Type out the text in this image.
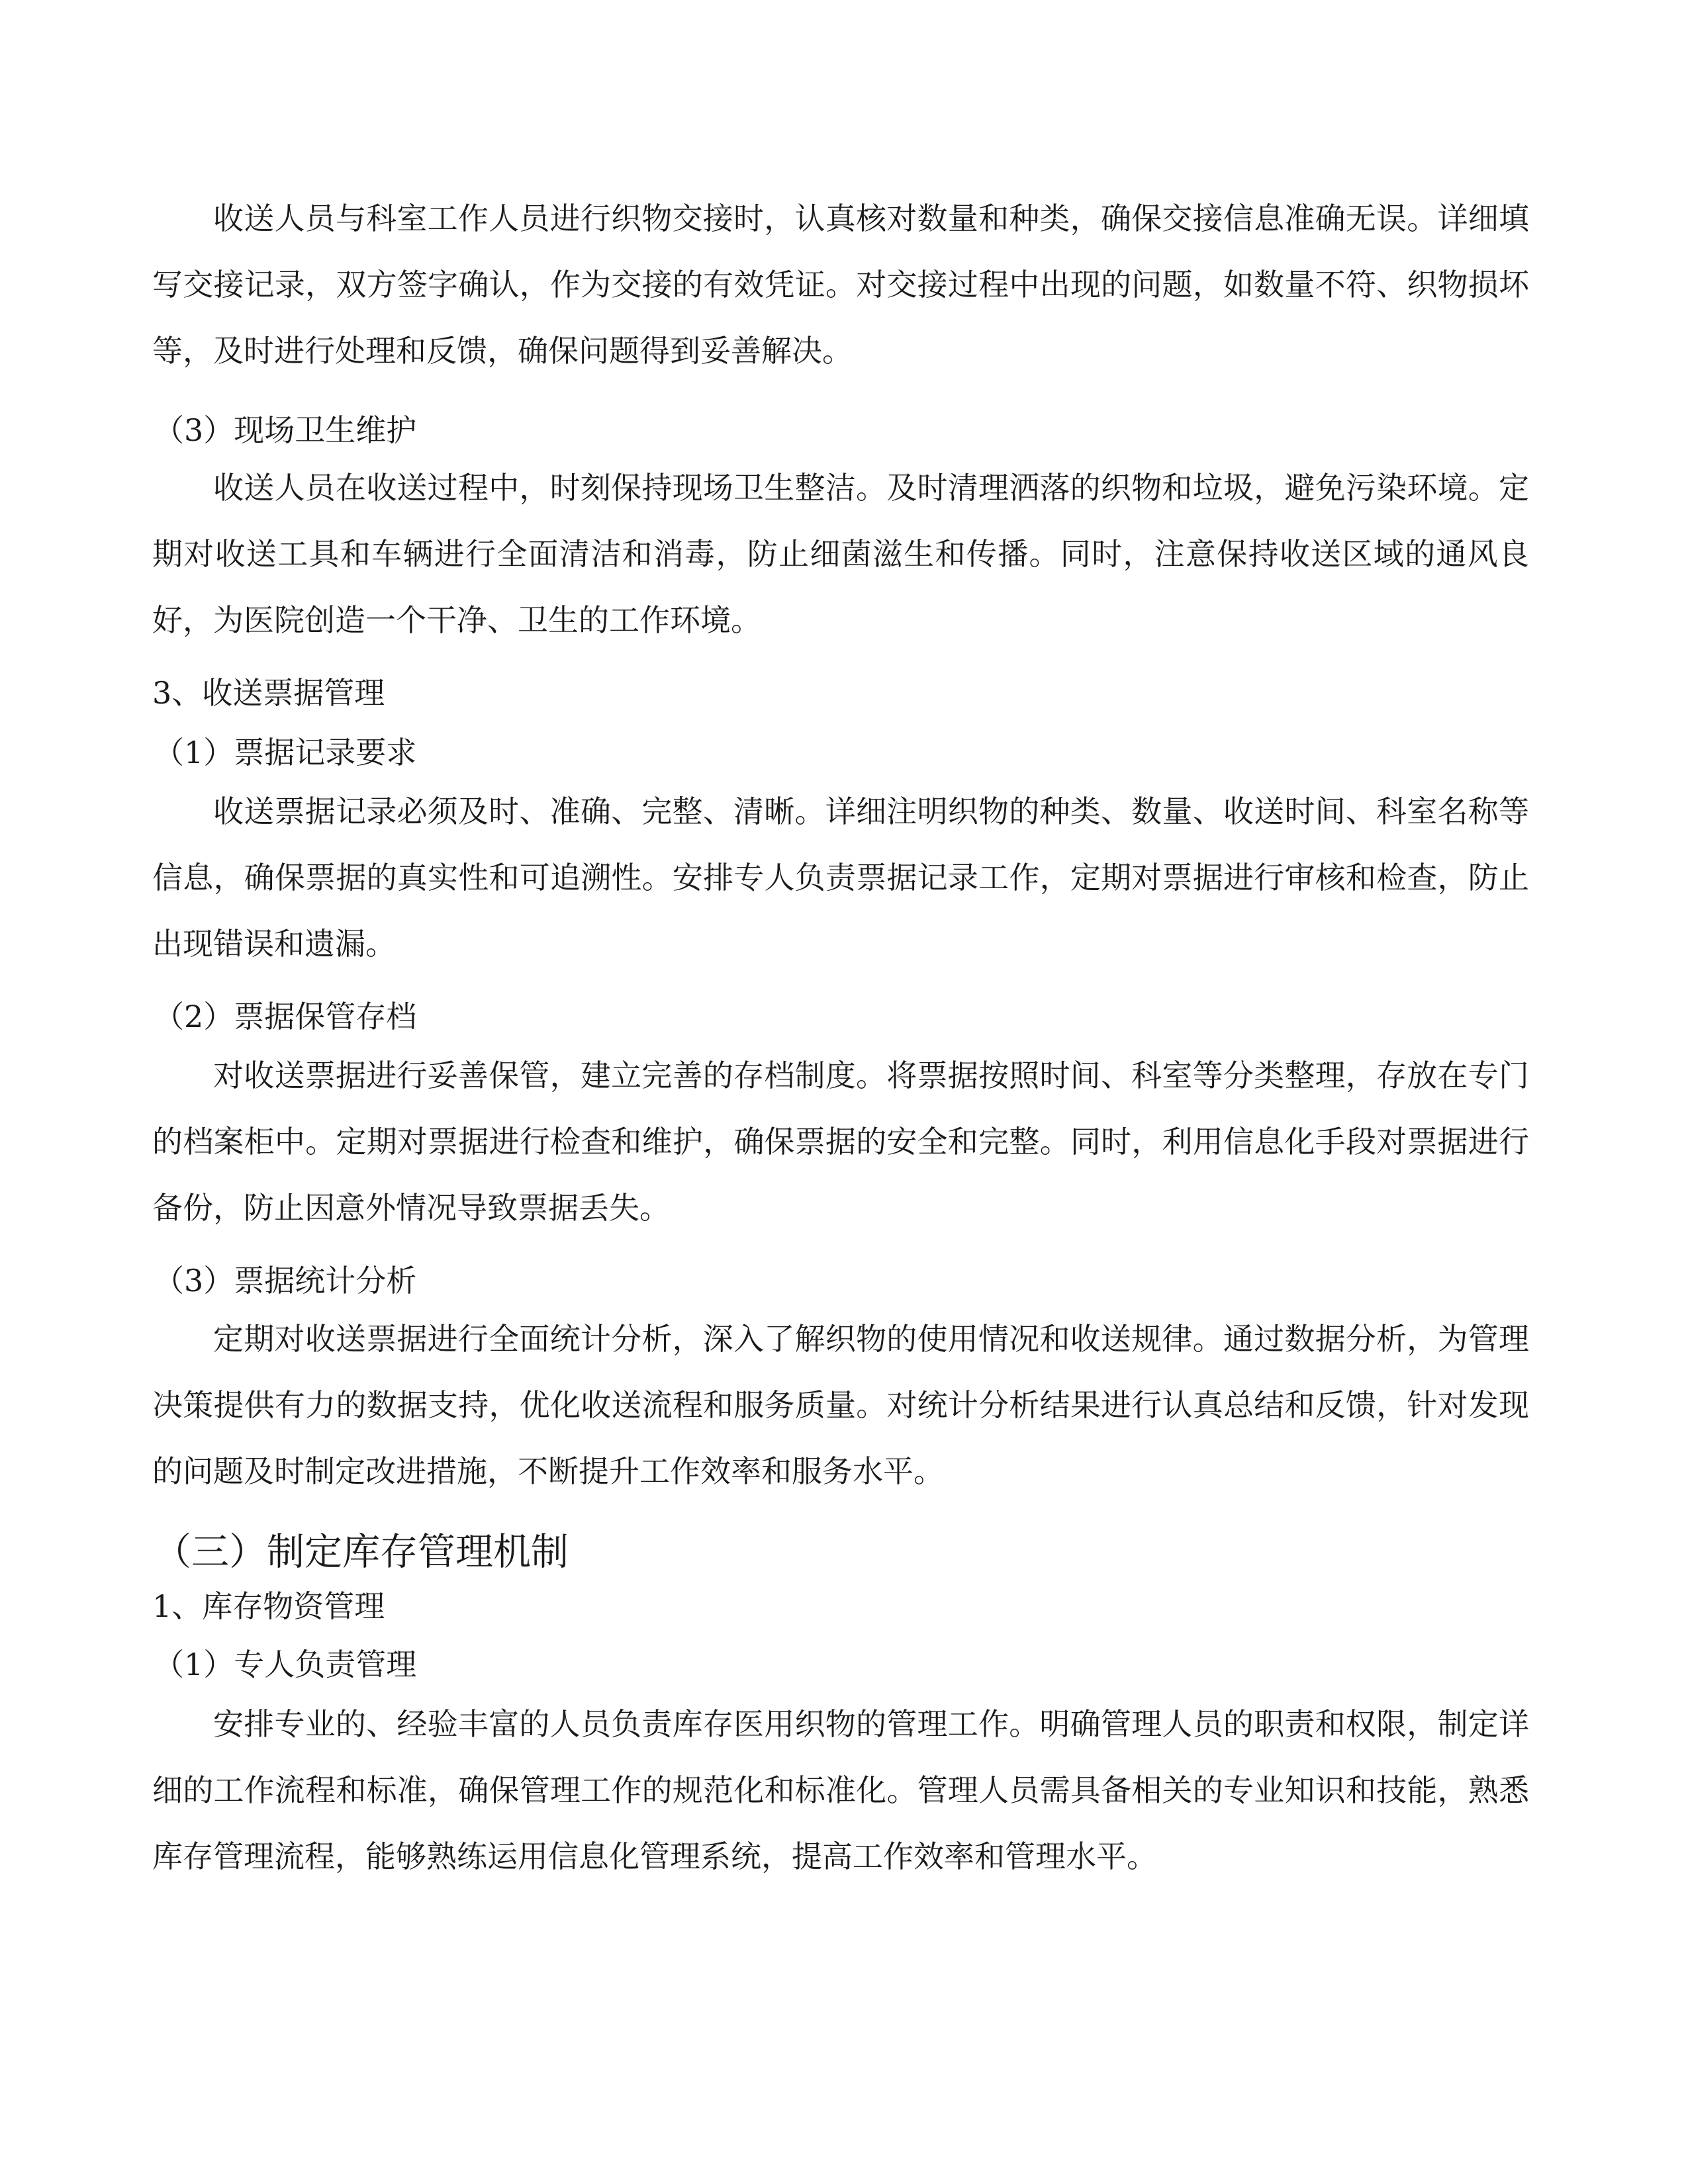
收送人员与科室工作人员进行织物交接时，认真核对数量和种类，确保交接信息准确无误。详细填写交接记录，双方签字确认，作为交接的有效凭证。对交接过程中出现的问题，如数量不符、织物损坏等，及时进行处理和反馈，确保问题得到妥善解决。

（3）现场卫生维护

收送人员在收送过程中，时刻保持现场卫生整洁。及时清理洒落的织物和垃圾，避免污染环境。定期对收送工具和车辆进行全面清洁和消毒，防止细菌滋生和传播。同时，注意保持收送区域的通风良好，为医院创造一个干净、卫生的工作环境。

3、收送票据管理

（1）票据记录要求

收送票据记录必须及时、准确、完整、清晰。详细注明织物的种类、数量、收送时间、科室名称等信息，确保票据的真实性和可追溯性。安排专人负责票据记录工作，定期对票据进行审核和检查，防止出现错误和遗漏。

（2）票据保管存档

对收送票据进行妥善保管，建立完善的存档制度。将票据按照时间、科室等分类整理，存放在专门的档案柜中。定期对票据进行检查和维护，确保票据的安全和完整。同时，利用信息化手段对票据进行备份，防止因意外情况导致票据丢失。

（3）票据统计分析

定期对收送票据进行全面统计分析，深入了解织物的使用情况和收送规律。通过数据分析，为管理决策提供有力的数据支持，优化收送流程和服务质量。对统计分析结果进行认真总结和反馈，针对发现的问题及时制定改进措施，不断提升工作效率和服务水平。

（三）制定库存管理机制

1、库存物资管理

（1）专人负责管理

安排专业的、经验丰富的人员负责库存医用织物的管理工作。明确管理人员的职责和权限，制定详细的工作流程和标准，确保管理工作的规范化和标准化。管理人员需具备相关的专业知识和技能，熟悉库存管理流程，能够熟练运用信息化管理系统，提高工作效率和管理水平。
